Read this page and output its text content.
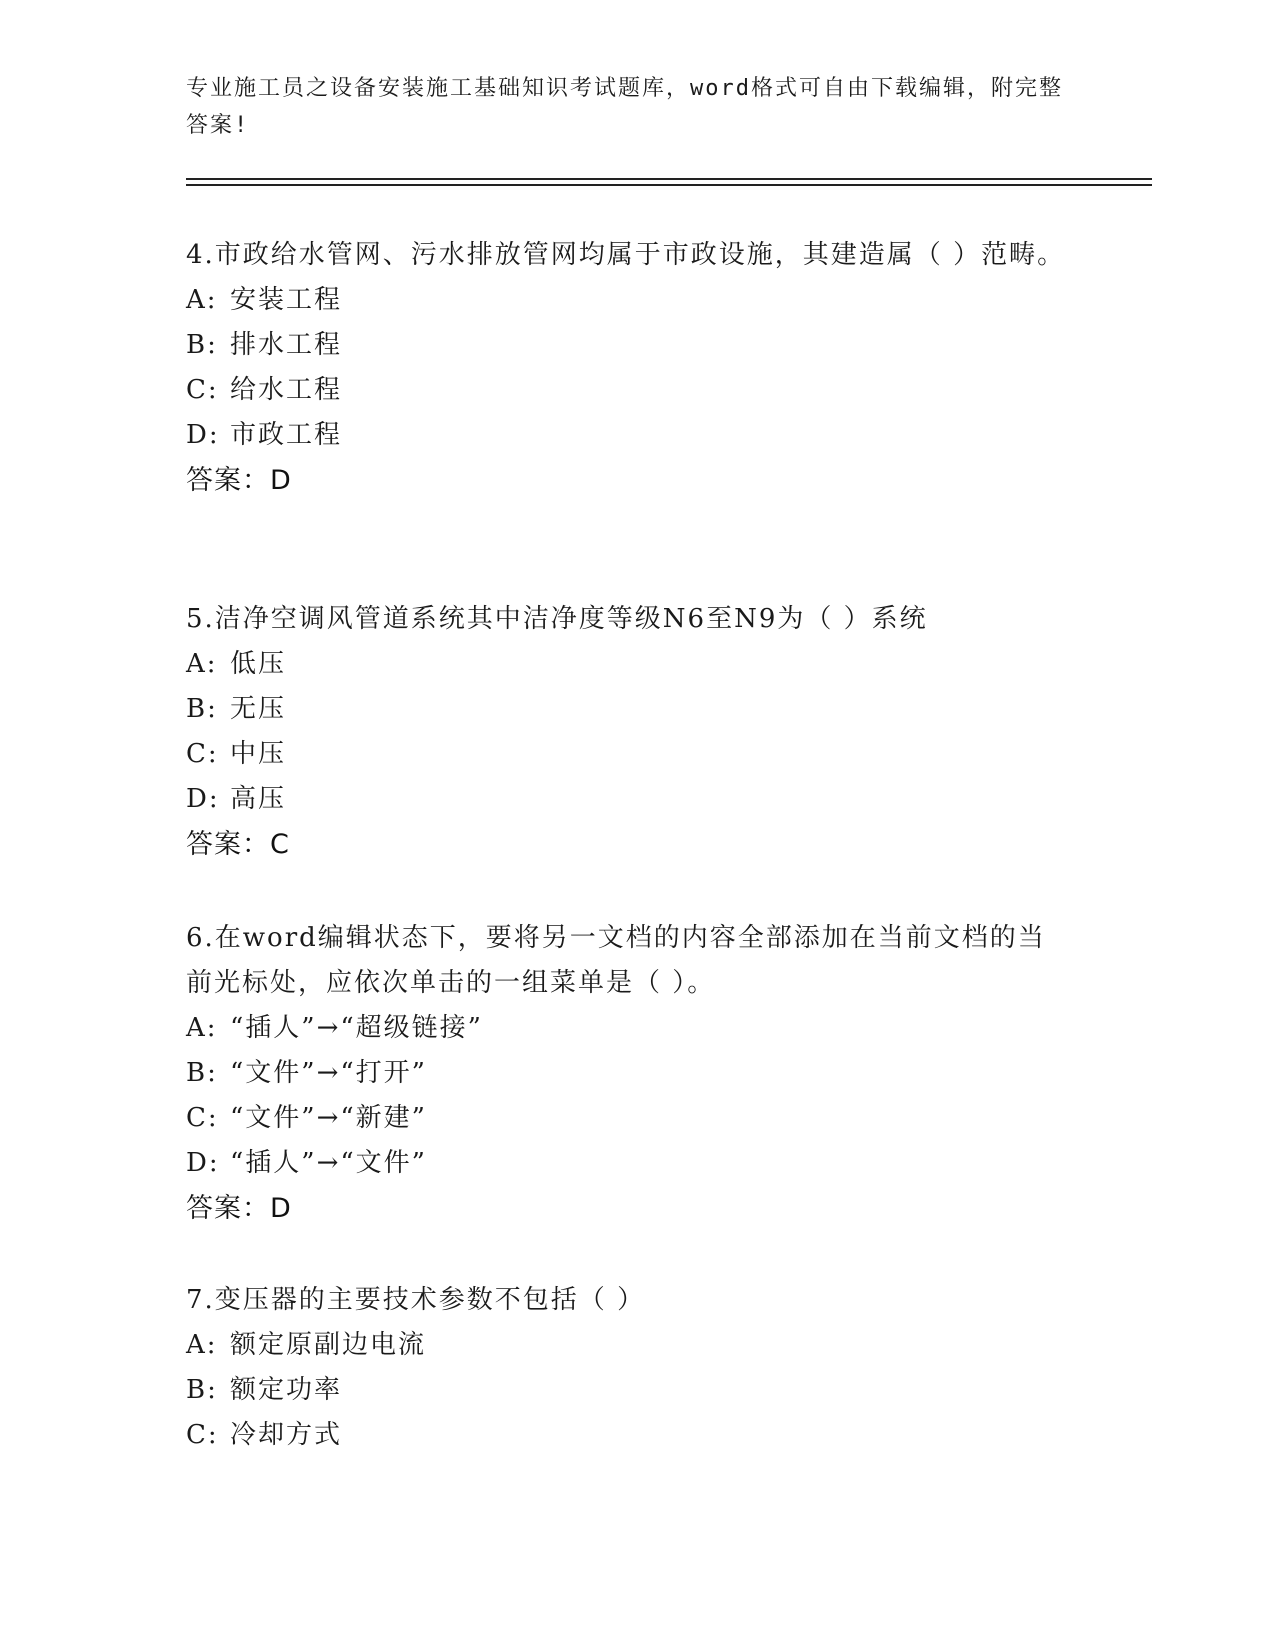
专业施工员之设备安装施工基础知识考试题库，word格式可自由下载编辑，附完整答案!
4.市政给水管网、污水排放管网均属于市政设施，其建造属（ ）范畴。
A: 安装工程
B: 排水工程
C: 给水工程
D: 市政工程
答案：D
5.洁净空调风管道系统其中洁净度等级N6至N9为（ ）系统
A: 低压
B: 无压
C: 中压
D: 高压
答案：C
6.在word编辑状态下，要将另一文档的内容全部添加在当前文档的当前光标处，应依次单击的一组菜单是（ ）。
A: “插人”→“超级链接”
B: “文件”→“打开”
C: “文件”→“新建”
D: “插人”→“文件”
答案：D
7.变压器的主要技术参数不包括（ ）
A: 额定原副边电流
B: 额定功率
C: 冷却方式
